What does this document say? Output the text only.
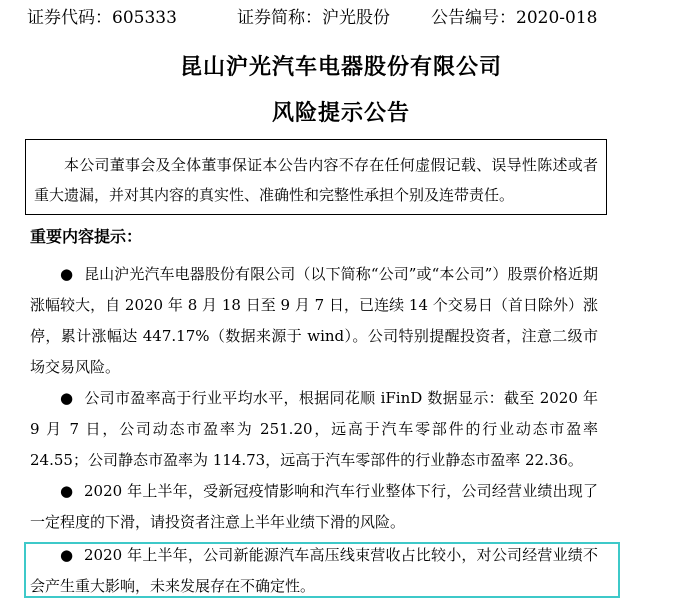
证券代码：605333	证券简称：沪光股份 公告编号：2020-018
昆山沪光汽车电器股份有限公司
风险提示公告

本公司董事会及全体董事保证本公告内容不存在任何虚假记载、误导性陈述或者重大遗漏，并对其内容的真实性、准确性和完整性承担个别及连带责任。

重要内容提示：

● 昆山沪光汽车电器股份有限公司（以下简称“公司”或“本公司”）股票价格近期涨幅较大，自 2020 年 8 月 18 日至 9 月 7 日，已连续 14 个交易日（首日除外）涨停，累计涨幅达 447.17%（数据来源于 wind）。公司特别提醒投资者，注意二级市场交易风险。

● 公司市盈率高于行业平均水平，根据同花顺 iFinD 数据显示：截至 2020 年 9 月 7 日，公司动态市盈率为 251.20，远高于汽车零部件的行业动态市盈率 24.55；公司静态市盈率为 114.73，远高于汽车零部件的行业静态市盈率 22.36。

● 2020 年上半年，受新冠疫情影响和汽车行业整体下行，公司经营业绩出现了一定程度的下滑，请投资者注意上半年业绩下滑的风险。

● 2020 年上半年，公司新能源汽车高压线束营收占比较小，对公司经营业绩不会产生重大影响，未来发展存在不确定性。
